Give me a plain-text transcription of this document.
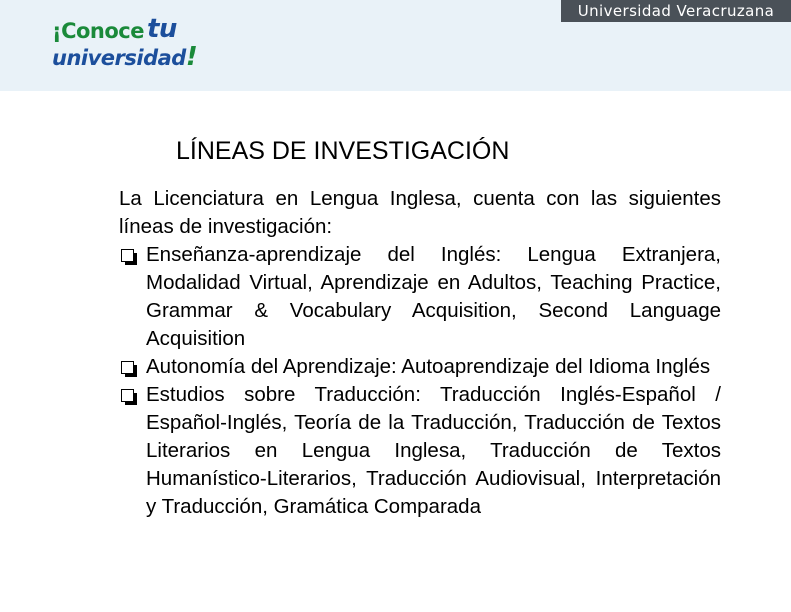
¡Conoce tu
universidad!
Universidad Veracruzana
LÍNEAS DE INVESTIGACIÓN

La Licenciatura en Lengua Inglesa, cuenta con las siguientes líneas de investigación:

Enseñanza-aprendizaje del Inglés: Lengua Extranjera, Modalidad Virtual, Aprendizaje en Adultos, Teaching Practice, Grammar & Vocabulary Acquisition, Second Language Acquisition
Autonomía del Aprendizaje: Autoaprendizaje del Idioma Inglés
Estudios sobre Traducción: Traducción Inglés-Español / Español-Inglés, Teoría de la Traducción, Traducción de Textos Literarios en Lengua Inglesa, Traducción de Textos Humanístico-Literarios, Traducción Audiovisual, Interpretación y Traducción, Gramática Comparada
